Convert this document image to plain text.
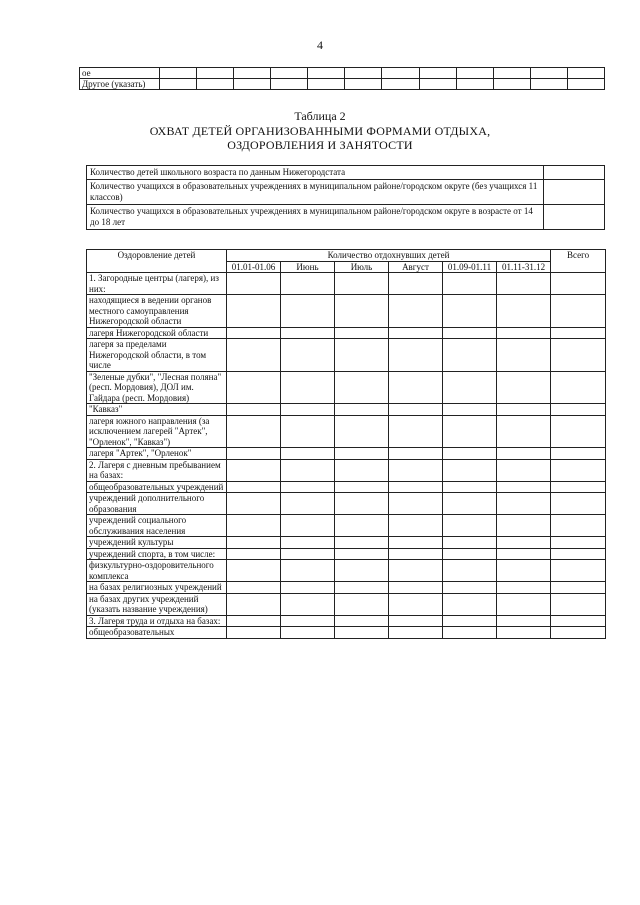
4
ое												
Другое (указать)												
Таблица 2
ОХВАТ ДЕТЕЙ ОРГАНИЗОВАННЫМИ ФОРМАМИ ОТДЫХА,
ОЗДОРОВЛЕНИЯ И ЗАНЯТОСТИ
Количество детей школьного возраста по данным Нижегородстата	
Количество учащихся в образовательных учреждениях в муниципальном районе/городском округе (без учащихся 11 классов)	
Количество учащихся в образовательных учреждениях в муниципальном районе/городском округе в возрасте от 14 до 18 лет	
Оздоровление детей	Количество отдохнувших детей						Всего
	01.01-01.06	Июнь	Июль	Август	01.09-01.11	01.11-31.12	
1. Загородные центры (лагеря), из них:							
находящиеся в ведении органов местного самоуправления Нижегородской области							
лагеря Нижегородской области							
лагеря за пределами Нижегородской области, в том числе							
"Зеленые дубки", "Лесная поляна" (респ. Мордовия), ДОЛ им. Гайдара (респ. Мордовия)							
"Кавказ"							
лагеря южного направления (за исключением лагерей "Артек", "Орленок", "Кавказ")							
лагеря "Артек", "Орленок"							
2. Лагеря с дневным пребыванием на базах:							
общеобразовательных учреждений							
учреждений дополнительного образования							
учреждений социального обслуживания населения							
учреждений культуры							
учреждений спорта, в том числе:							
физкультурно-оздоровительного комплекса							
на базах религиозных учреждений							
на базах других учреждений (указать название учреждения)							
3. Лагеря труда и отдыха на базах:							
общеобразовательных							
